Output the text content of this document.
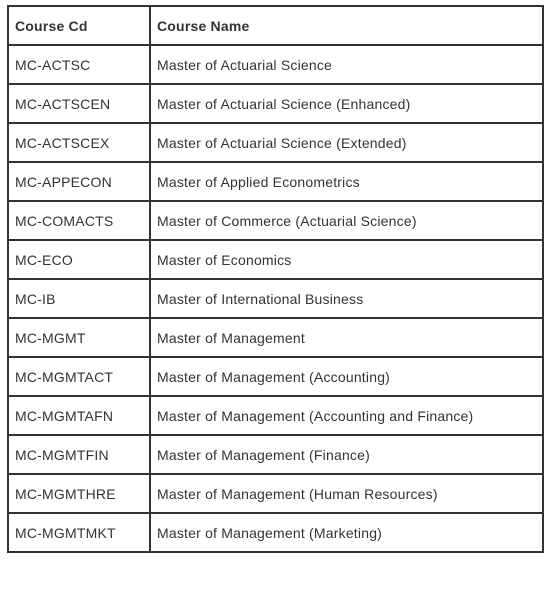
Course Cd	Course Name
MC-ACTSC	Master of Actuarial Science
MC-ACTSCEN	Master of Actuarial Science (Enhanced)
MC-ACTSCEX	Master of Actuarial Science (Extended)
MC-APPECON	Master of Applied Econometrics
MC-COMACTS	Master of Commerce (Actuarial Science)
MC-ECO	Master of Economics
MC-IB	Master of International Business
MC-MGMT	Master of Management
MC-MGMTACT	Master of Management (Accounting)
MC-MGMTAFN	Master of Management (Accounting and Finance)
MC-MGMTFIN	Master of Management (Finance)
MC-MGMTHRE	Master of Management (Human Resources)
MC-MGMTMKT	Master of Management (Marketing)
